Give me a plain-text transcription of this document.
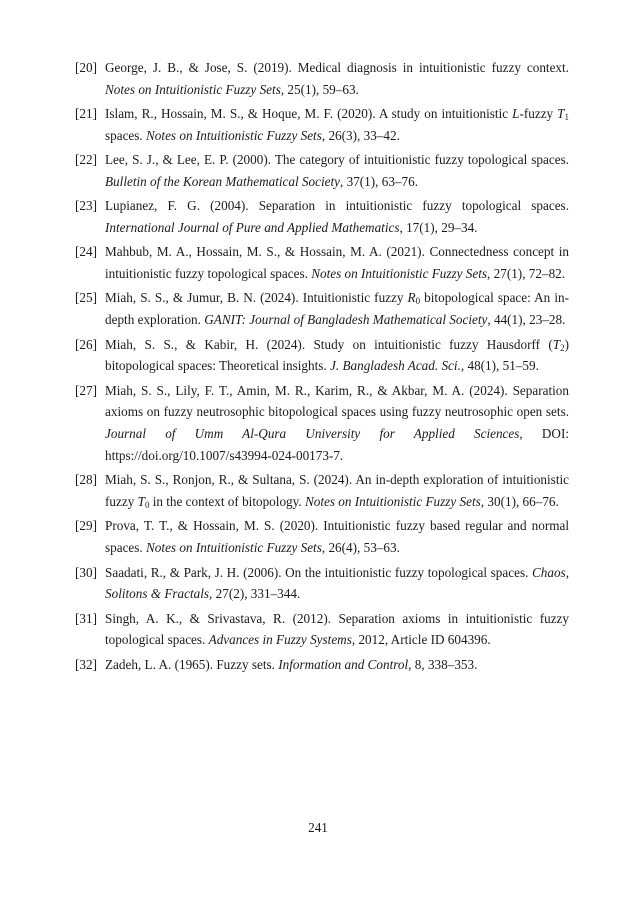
[20] George, J. B., & Jose, S. (2019). Medical diagnosis in intuitionistic fuzzy context. Notes on Intuitionistic Fuzzy Sets, 25(1), 59–63.
[21] Islam, R., Hossain, M. S., & Hoque, M. F. (2020). A study on intuitionistic L-fuzzy $T_1$ spaces. Notes on Intuitionistic Fuzzy Sets, 26(3), 33–42.
[22] Lee, S. J., & Lee, E. P. (2000). The category of intuitionistic fuzzy topological spaces. Bulletin of the Korean Mathematical Society, 37(1), 63–76.
[23] Lupianez, F. G. (2004). Separation in intuitionistic fuzzy topological spaces. International Journal of Pure and Applied Mathematics, 17(1), 29–34.
[24] Mahbub, M. A., Hossain, M. S., & Hossain, M. A. (2021). Connectedness concept in intuitionistic fuzzy topological spaces. Notes on Intuitionistic Fuzzy Sets, 27(1), 72–82.
[25] Miah, S. S., & Jumur, B. N. (2024). Intuitionistic fuzzy $R_0$ bitopological space: An in-depth exploration. GANIT: Journal of Bangladesh Mathematical Society, 44(1), 23–28.
[26] Miah, S. S., & Kabir, H. (2024). Study on intuitionistic fuzzy Hausdorff $(T_2)$ bitopological spaces: Theoretical insights. J. Bangladesh Acad. Sci., 48(1), 51–59.
[27] Miah, S. S., Lily, F. T., Amin, M. R., Karim, R., & Akbar, M. A. (2024). Separation axioms on fuzzy neutrosophic bitopological spaces using fuzzy neutrosophic open sets. Journal of Umm Al-Qura University for Applied Sciences, DOI: https://doi.org/10.1007/s43994-024-00173-7.
[28] Miah, S. S., Ronjon, R., & Sultana, S. (2024). An in-depth exploration of intuitionistic fuzzy $T_0$ in the context of bitopology. Notes on Intuitionistic Fuzzy Sets, 30(1), 66–76.
[29] Prova, T. T., & Hossain, M. S. (2020). Intuitionistic fuzzy based regular and normal spaces. Notes on Intuitionistic Fuzzy Sets, 26(4), 53–63.
[30] Saadati, R., & Park, J. H. (2006). On the intuitionistic fuzzy topological spaces. Chaos, Solitons & Fractals, 27(2), 331–344.
[31] Singh, A. K., & Srivastava, R. (2012). Separation axioms in intuitionistic fuzzy topological spaces. Advances in Fuzzy Systems, 2012, Article ID 604396.
[32] Zadeh, L. A. (1965). Fuzzy sets. Information and Control, 8, 338–353.
241
